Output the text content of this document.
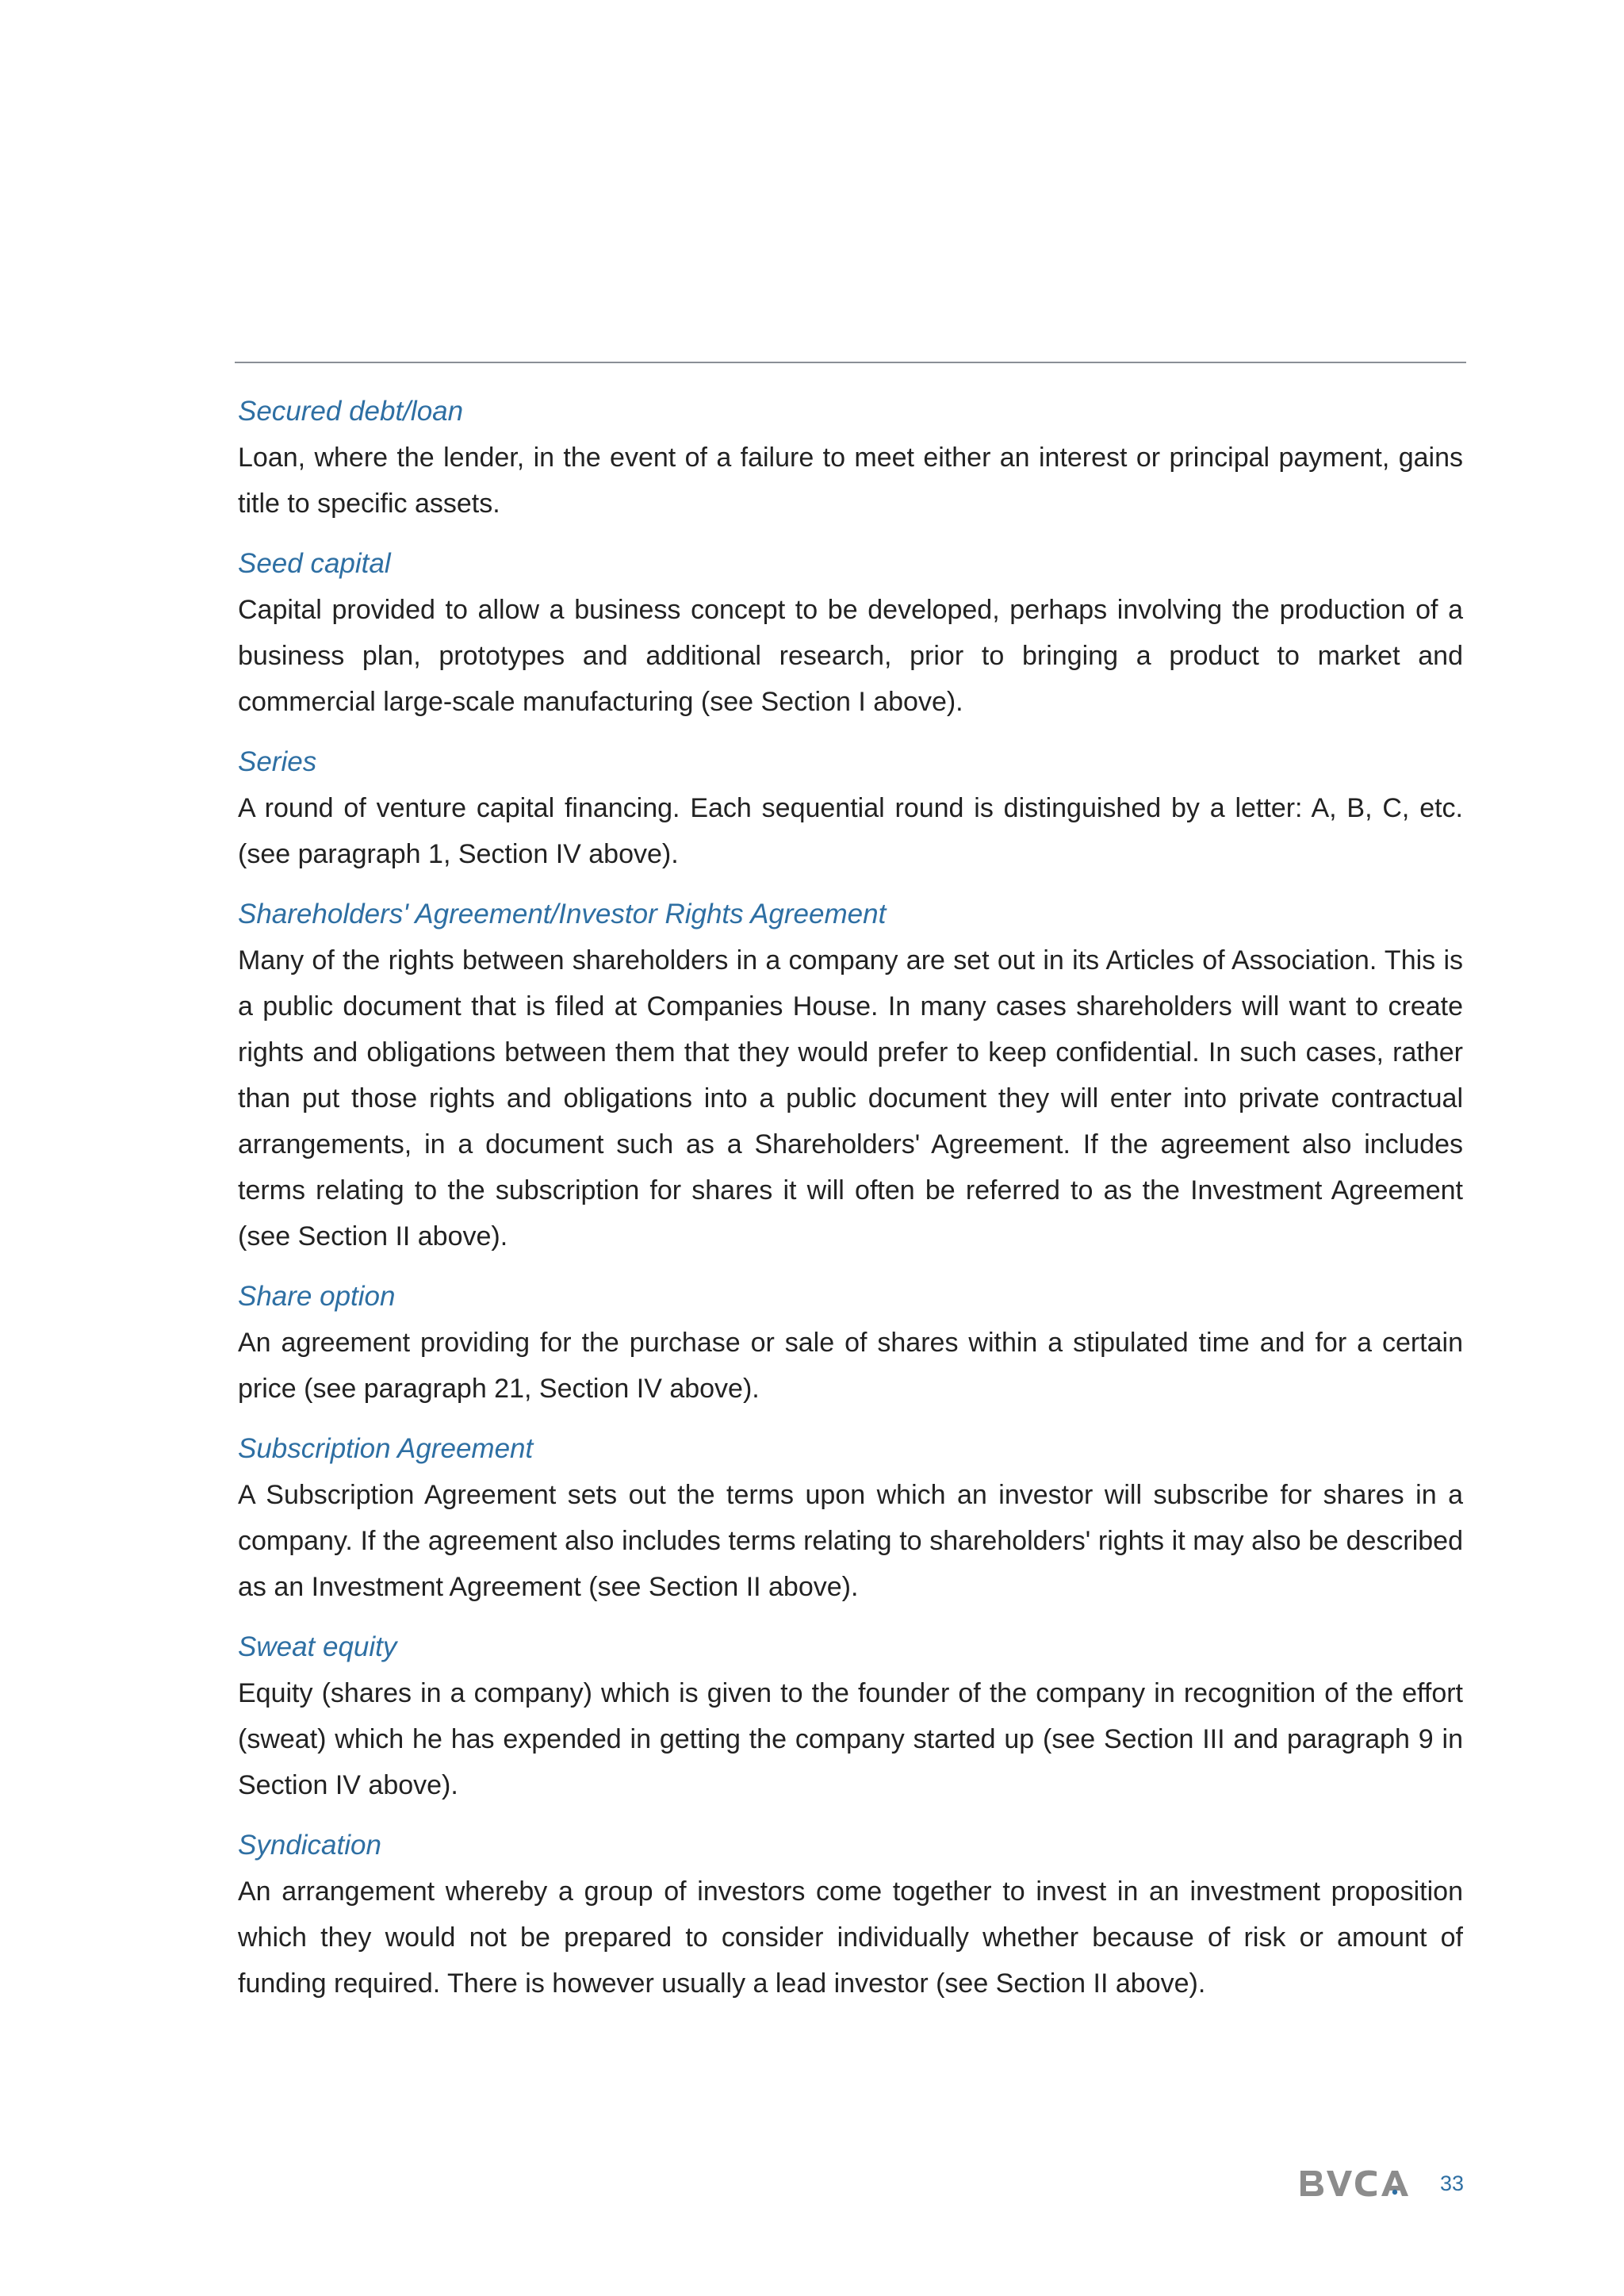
Secured debt/loan

Loan, where the lender, in the event of a failure to meet either an interest or principal payment, gains title to specific assets.

Seed capital

Capital provided to allow a business concept to be developed, perhaps involving the production of a business plan, prototypes and additional research, prior to bringing a product to market and commercial large-scale manufacturing (see Section I above).

Series

A round of venture capital financing. Each sequential round is distinguished by a letter: A, B, C, etc. (see paragraph 1, Section IV above).

Shareholders' Agreement/Investor Rights Agreement

Many of the rights between shareholders in a company are set out in its Articles of Association. This is a public document that is filed at Companies House. In many cases shareholders will want to create rights and obligations between them that they would prefer to keep confidential. In such cases, rather than put those rights and obligations into a public document they will enter into private contractual arrangements, in a document such as a Shareholders' Agreement. If the agreement also includes terms relating to the subscription for shares it will often be referred to as the Investment Agreement (see Section II above).

Share option

An agreement providing for the purchase or sale of shares within a stipulated time and for a certain price (see paragraph 21, Section IV above).

Subscription Agreement

A Subscription Agreement sets out the terms upon which an investor will subscribe for shares in a company. If the agreement also includes terms relating to shareholders' rights it may also be described as an Investment Agreement (see Section II above).

Sweat equity

Equity (shares in a company) which is given to the founder of the company in recognition of the effort (sweat) which he has expended in getting the company started up (see Section III and paragraph 9 in Section IV above).

Syndication

An arrangement whereby a group of investors come together to invest in an investment proposition which they would not be prepared to consider individually whether because of risk or amount of funding required. There is however usually a lead investor (see Section II above).

33
